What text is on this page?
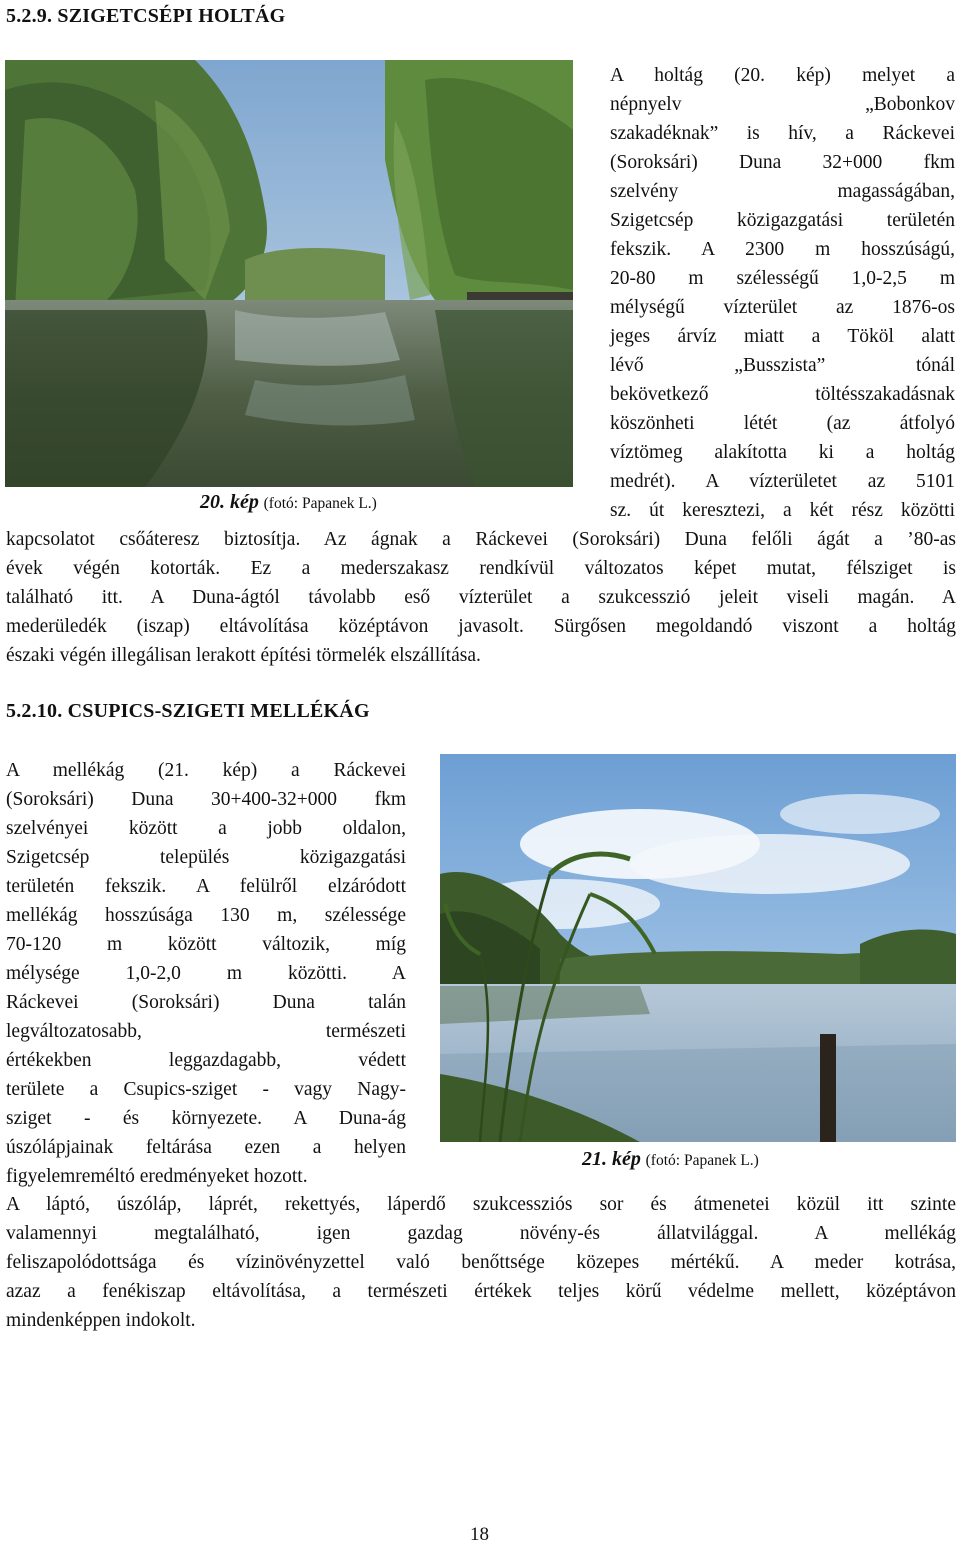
5.2.9. SZIGETCSÉPI HOLTÁG
A holtág (20. kép) melyet a
népnyelv „Bobonkov
szakadéknak” is hív, a Ráckevei
(Soroksári) Duna 32+000 fkm
szelvény magasságában,
Szigetcsép közigazgatási területén
fekszik. A 2300 m hosszúságú,
20-80 m szélességű 1,0-2,5 m
mélységű vízterület az 1876-os
jeges árvíz miatt a Tököl alatt
lévő „Busszista” tónál
bekövetkező töltésszakadásnak
köszönheti létét (az átfolyó
víztömeg alakította ki a holtág
medrét). A vízterületet az 5101
sz. út keresztezi, a két rész közötti
20. kép (fotó: Papanek L.)
kapcsolatot csőáteresz biztosítja. Az ágnak a Ráckevei (Soroksári) Duna felőli ágát a ’80-as
évek végén kotorták. Ez a mederszakasz rendkívül változatos képet mutat, félsziget is
található itt. A Duna-ágtól távolabb eső vízterület a szukcesszió jeleit viseli magán. A
mederüledék (iszap) eltávolítása középtávon javasolt. Sürgősen megoldandó viszont a holtág
északi végén illegálisan lerakott építési törmelék elszállítása.
5.2.10. CSUPICS-SZIGETI MELLÉKÁG
A mellékág (21. kép) a Ráckevei
(Soroksári) Duna 30+400-32+000 fkm
szelvényei között a jobb oldalon,
Szigetcsép település közigazgatási
területén fekszik. A felülről elzáródott
mellékág hosszúsága 130 m, szélessége
70-120 m között változik, míg
mélysége 1,0-2,0 m közötti. A
Ráckevei (Soroksári) Duna talán
legváltozatosabb, természeti
értékekben leggazdagabb, védett
területe a Csupics-sziget - vagy Nagy-
sziget - és környezete. A Duna-ág
úszólápjainak feltárása ezen a helyen
figyelemreméltó eredményeket hozott.
21. kép (fotó: Papanek L.)
A láptó, úszóláp, láprét, rekettyés, láperdő szukcessziós sor és átmenetei közül itt szinte
valamennyi megtalálható, igen gazdag növény-és állatvilággal. A mellékág
feliszapolódottsága és vízinövényzettel való benőttsége közepes mértékű. A meder kotrása,
azaz a fenékiszap eltávolítása, a természeti értékek teljes körű védelme mellett, középtávon
mindenképpen indokolt.
18
